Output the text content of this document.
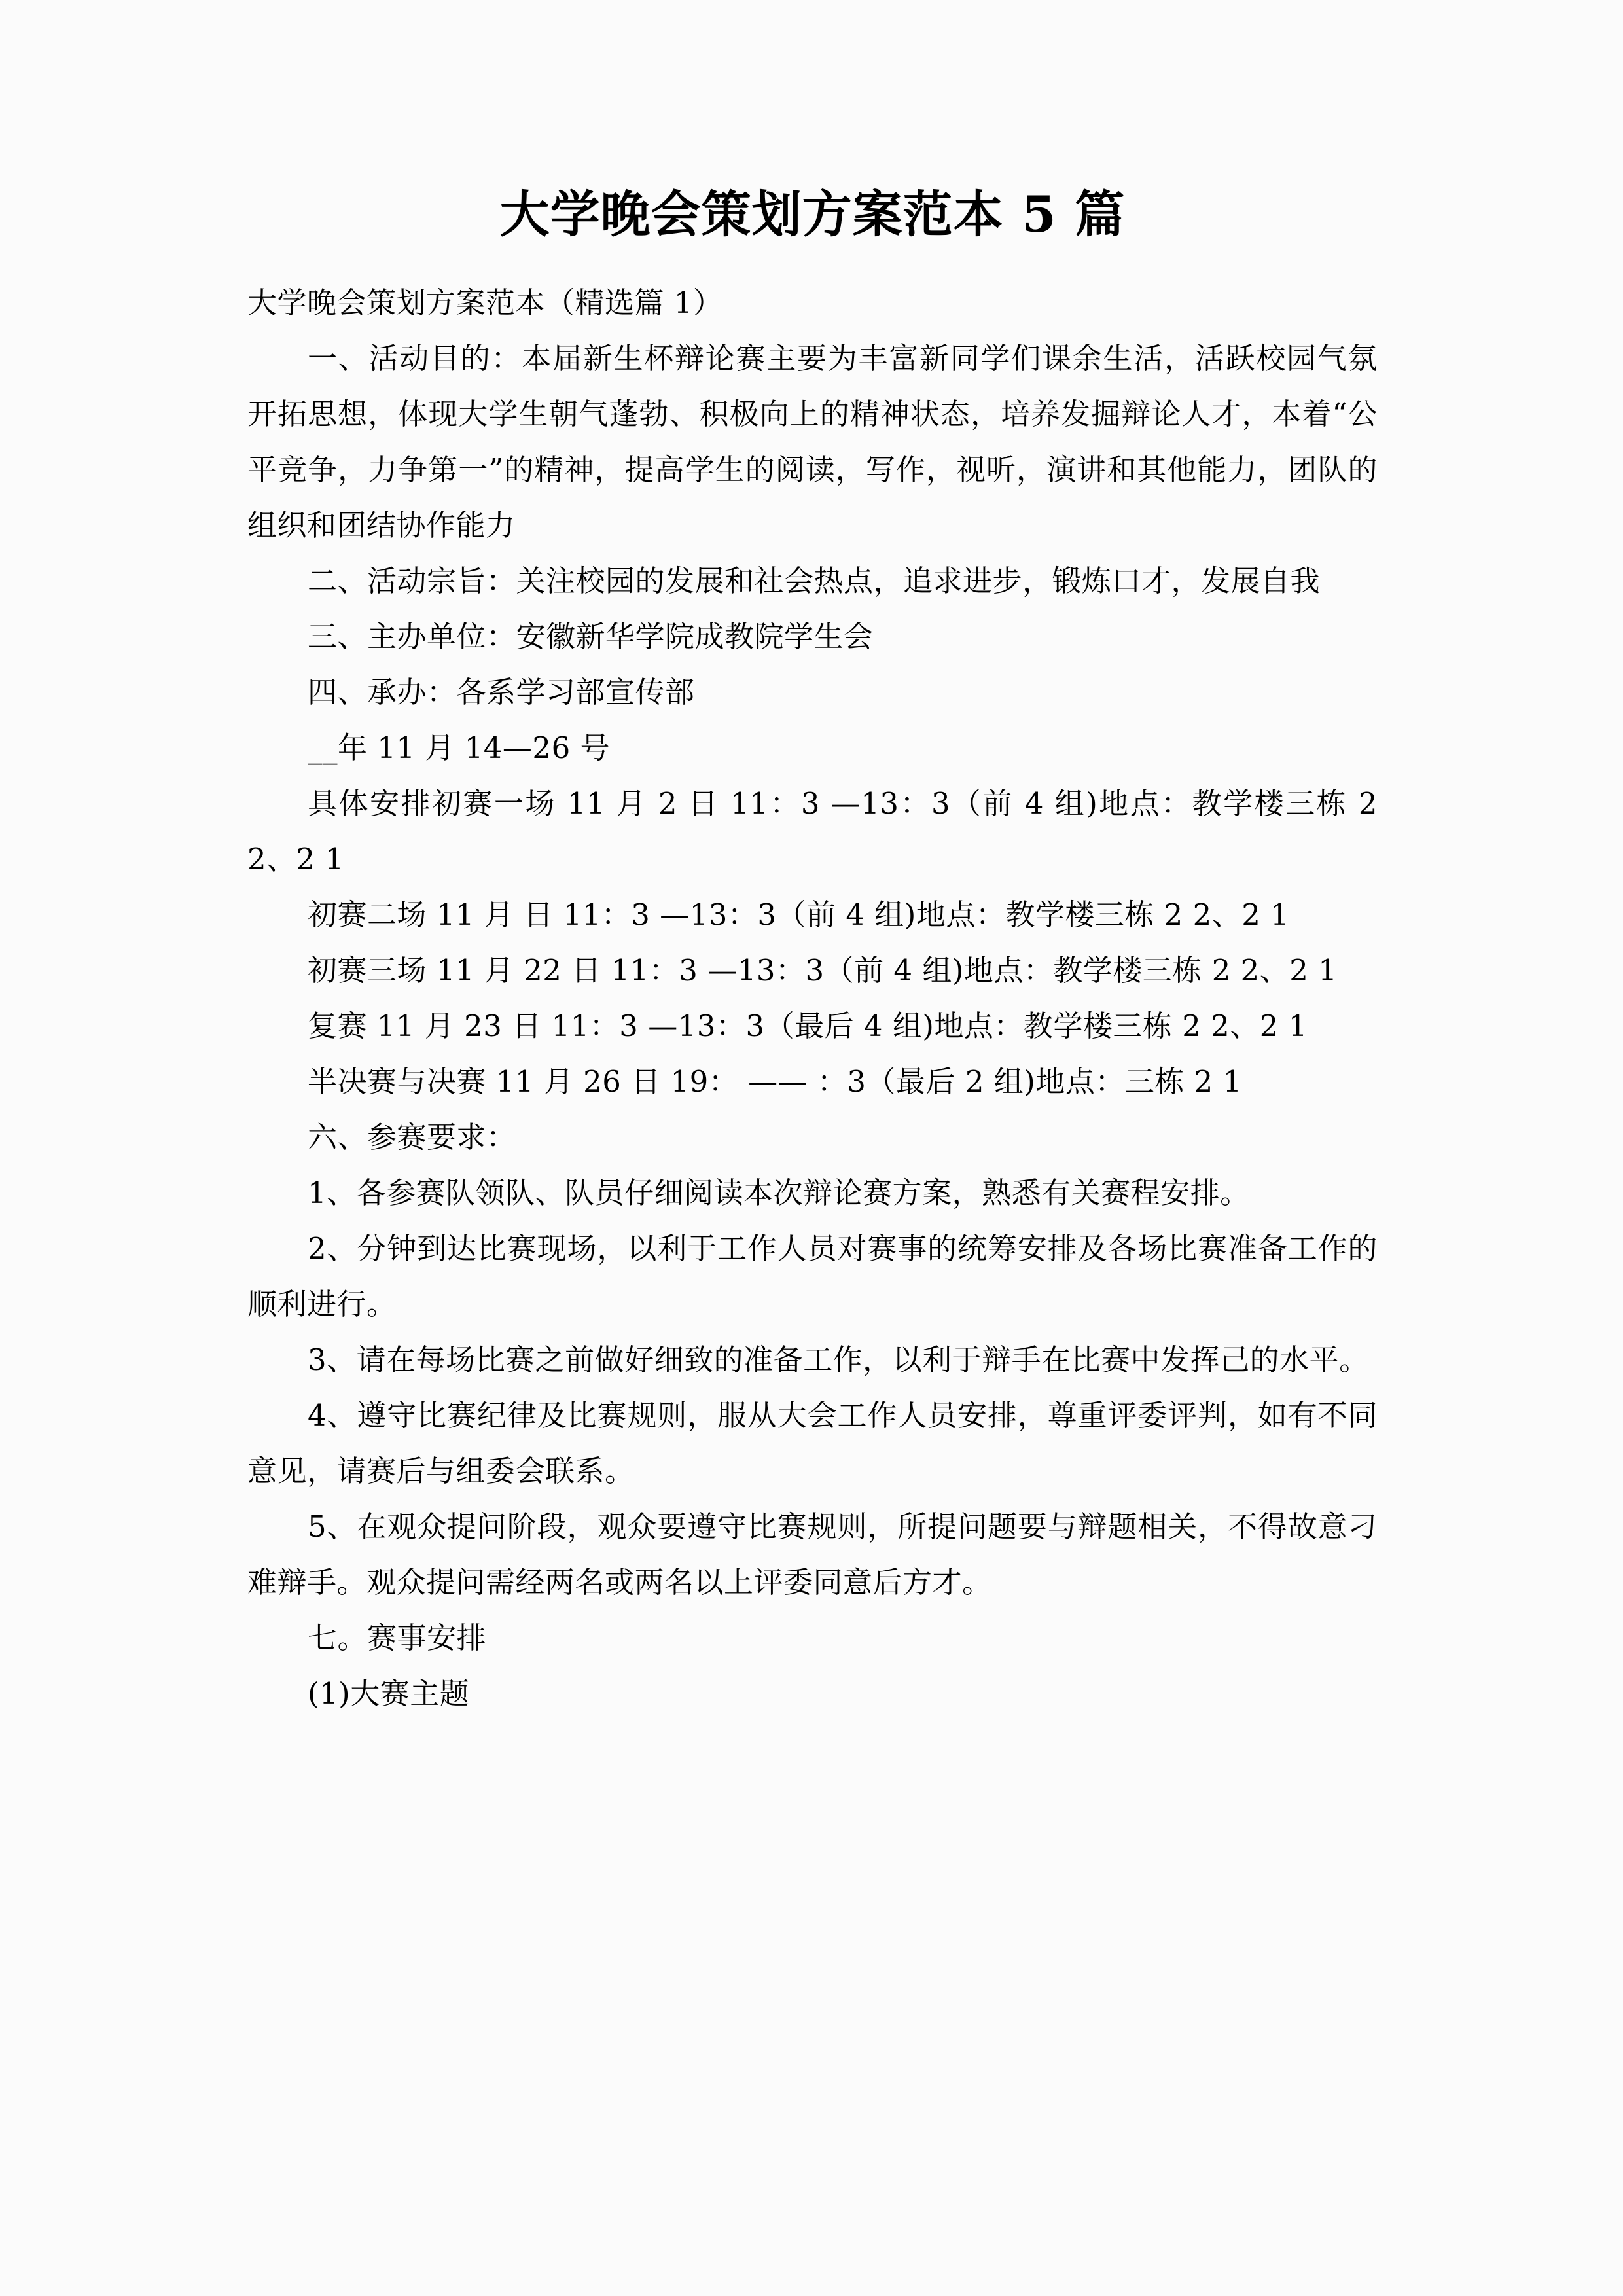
大学晚会策划方案范本 5 篇

大学晚会策划方案范本（精选篇 1）

一、活动目的：本届新生杯辩论赛主要为丰富新同学们课余生活，活跃校园气氛开拓思想，体现大学生朝气蓬勃、积极向上的精神状态，培养发掘辩论人才，本着“公平竞争，力争第一”的精神，提高学生的阅读，写作，视听，演讲和其他能力，团队的组织和团结协作能力

二、活动宗旨：关注校园的发展和社会热点，追求进步，锻炼口才，发展自我

三、主办单位：安徽新华学院成教院学生会

四、承办：各系学习部宣传部

__年 11 月 14—26 号

具体安排初赛一场 11 月 2 日 11：3 —13：3（前 4 组)地点：教学楼三栋 2 2、2 1

初赛二场 11 月 日 11：3 —13：3（前 4 组)地点：教学楼三栋 2 2、2 1

初赛三场 11 月 22 日 11：3 —13：3（前 4 组)地点：教学楼三栋 2 2、2 1

复赛 11 月 23 日 11：3 —13：3（最后 4 组)地点：教学楼三栋 2 2、2 1

半决赛与决赛 11 月 26 日 19： —— ：3（最后 2 组)地点：三栋 2 1

六、参赛要求：

1、各参赛队领队、队员仔细阅读本次辩论赛方案，熟悉有关赛程安排。

2、分钟到达比赛现场，以利于工作人员对赛事的统筹安排及各场比赛准备工作的顺利进行。

3、请在每场比赛之前做好细致的准备工作，以利于辩手在比赛中发挥己的水平。

4、遵守比赛纪律及比赛规则，服从大会工作人员安排，尊重评委评判，如有不同意见，请赛后与组委会联系。

5、在观众提问阶段，观众要遵守比赛规则，所提问题要与辩题相关，不得故意刁难辩手。观众提问需经两名或两名以上评委同意后方才。

七。赛事安排

(1)大赛主题
